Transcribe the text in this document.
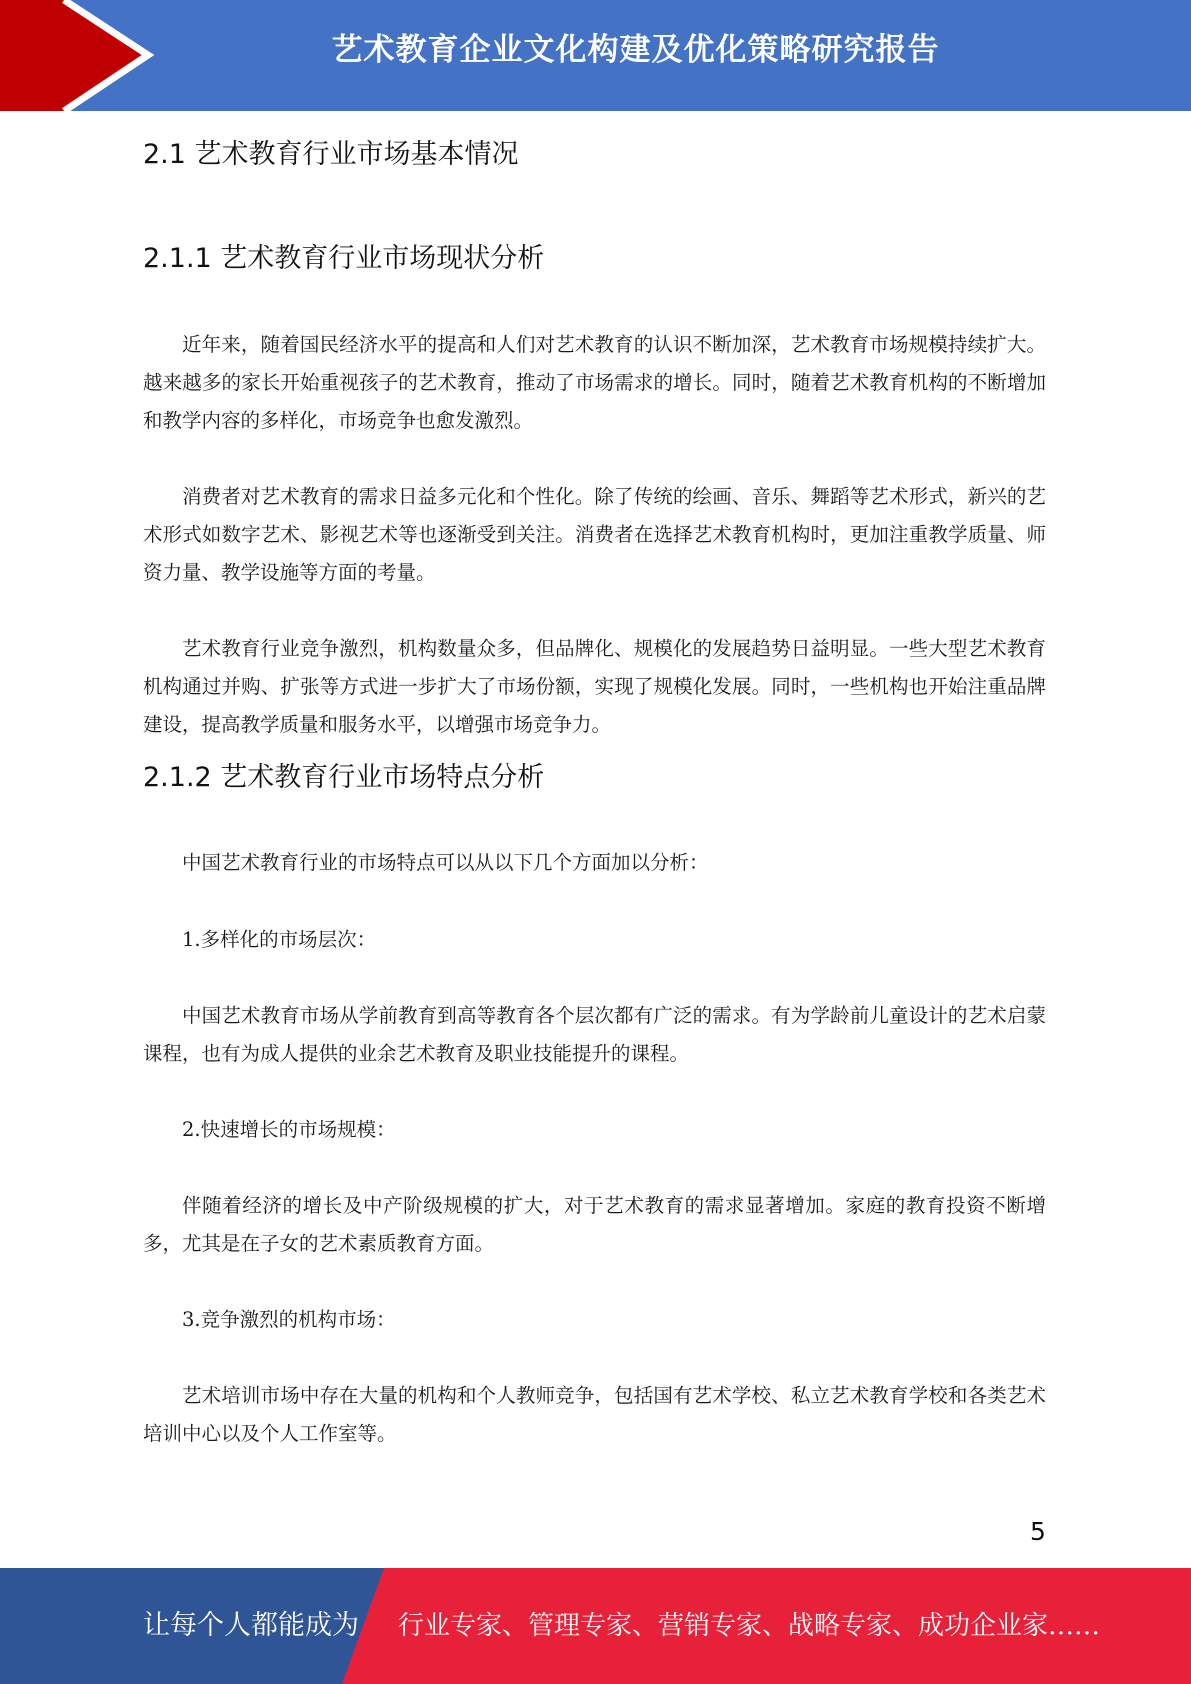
艺术教育企业文化构建及优化策略研究报告
2.1 艺术教育行业市场基本情况
2.1.1 艺术教育行业市场现状分析
近年来，随着国民经济水平的提高和人们对艺术教育的认识不断加深，艺术教育市场规模持续扩大。越来越多的家长开始重视孩子的艺术教育，推动了市场需求的增长。同时，随着艺术教育机构的不断增加和教学内容的多样化，市场竞争也愈发激烈。
消费者对艺术教育的需求日益多元化和个性化。除了传统的绘画、音乐、舞蹈等艺术形式，新兴的艺术形式如数字艺术、影视艺术等也逐渐受到关注。消费者在选择艺术教育机构时，更加注重教学质量、师资力量、教学设施等方面的考量。
艺术教育行业竞争激烈，机构数量众多，但品牌化、规模化的发展趋势日益明显。一些大型艺术教育机构通过并购、扩张等方式进一步扩大了市场份额，实现了规模化发展。同时，一些机构也开始注重品牌建设，提高教学质量和服务水平，以增强市场竞争力。
2.1.2 艺术教育行业市场特点分析
中国艺术教育行业的市场特点可以从以下几个方面加以分析：
1.多样化的市场层次：
中国艺术教育市场从学前教育到高等教育各个层次都有广泛的需求。有为学龄前儿童设计的艺术启蒙课程，也有为成人提供的业余艺术教育及职业技能提升的课程。
2.快速增长的市场规模：
伴随着经济的增长及中产阶级规模的扩大，对于艺术教育的需求显著增加。家庭的教育投资不断增多，尤其是在子女的艺术素质教育方面。
3.竞争激烈的机构市场：
艺术培训市场中存在大量的机构和个人教师竞争，包括国有艺术学校、私立艺术教育学校和各类艺术培训中心以及个人工作室等。
5
让每个人都能成为 行业专家、管理专家、营销专家、战略专家、成功企业家……
